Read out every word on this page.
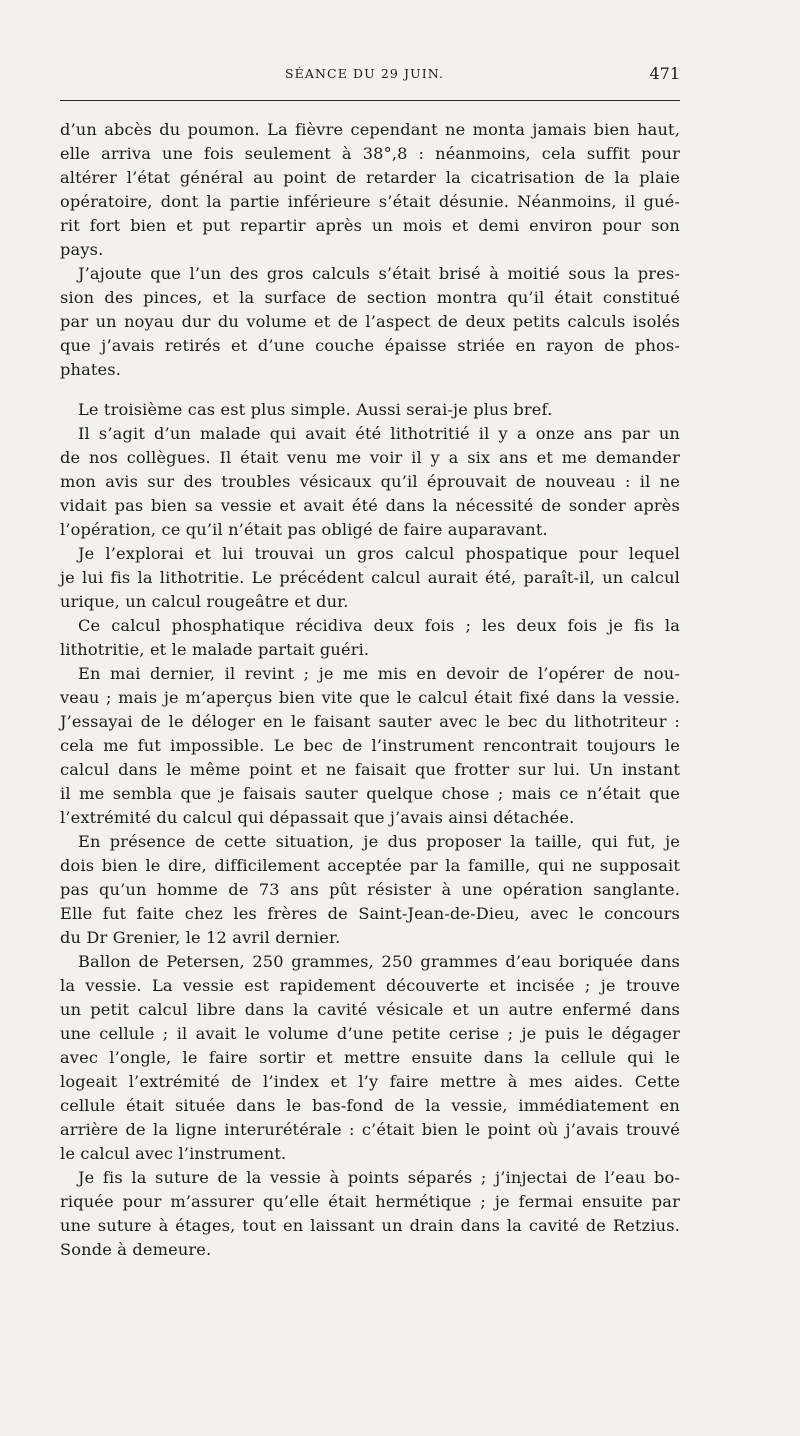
SÉANCE DU 29 JUIN.	471
d’un abcès du poumon. La fièvre cependant ne monta jamais bien haut,
elle arriva une fois seulement à 38°,8 : néanmoins, cela suffit pour
altérer l’état général au point de retarder la cicatrisation de la plaie
opératoire, dont la partie inférieure s’était désunie. Néanmoins, il gué-
rit fort bien et put repartir après un mois et demi environ pour son
pays.
J’ajoute que l’un des gros calculs s’était brisé à moitié sous la pres-
sion des pinces, et la surface de section montra qu’il était constitué
par un noyau dur du volume et de l’aspect de deux petits calculs isolés
que j’avais retirés et d’une couche épaisse striée en rayon de phos-
phates.
Le troisième cas est plus simple. Aussi serai-je plus bref.
Il s’agit d’un malade qui avait été lithotritié il y a onze ans par un
de nos collègues. Il était venu me voir il y a six ans et me demander
mon avis sur des troubles vésicaux qu’il éprouvait de nouveau : il ne
vidait pas bien sa vessie et avait été dans la nécessité de sonder après
l’opération, ce qu’il n’était pas obligé de faire auparavant.
Je l’explorai et lui trouvai un gros calcul phospatique pour lequel
je lui fis la lithotritie. Le précédent calcul aurait été, paraît-il, un calcul
urique, un calcul rougeâtre et dur.
Ce calcul phosphatique récidiva deux fois ; les deux fois je fis la
lithotritie, et le malade partait guéri.
En mai dernier, il revint ; je me mis en devoir de l’opérer de nou-
veau ; mais je m’aperçus bien vite que le calcul était fixé dans la vessie.
J’essayai de le déloger en le faisant sauter avec le bec du lithotriteur :
cela me fut impossible. Le bec de l’instrument rencontrait toujours le
calcul dans le même point et ne faisait que frotter sur lui. Un instant
il me sembla que je faisais sauter quelque chose ; mais ce n’était que
l’extrémité du calcul qui dépassait que j’avais ainsi détachée.
En présence de cette situation, je dus proposer la taille, qui fut, je
dois bien le dire, difficilement acceptée par la famille, qui ne supposait
pas qu’un homme de 73 ans pût résister à une opération sanglante.
Elle fut faite chez les frères de Saint-Jean-de-Dieu, avec le concours
du Dr Grenier, le 12 avril dernier.
Ballon de Petersen, 250 grammes, 250 grammes d’eau boriquée dans
la vessie. La vessie est rapidement découverte et incisée ; je trouve
un petit calcul libre dans la cavité vésicale et un autre enfermé dans
une cellule ; il avait le volume d’une petite cerise ; je puis le dégager
avec l’ongle, le faire sortir et mettre ensuite dans la cellule qui le
logeait l’extrémité de l’index et l’y faire mettre à mes aides. Cette
cellule était située dans le bas-fond de la vessie, immédiatement en
arrière de la ligne interurétérale : c’était bien le point où j’avais trouvé
le calcul avec l’instrument.
Je fis la suture de la vessie à points séparés ; j’injectai de l’eau bo-
riquée pour m’assurer qu’elle était hermétique ; je fermai ensuite par
une suture à étages, tout en laissant un drain dans la cavité de Retzius.
Sonde à demeure.
